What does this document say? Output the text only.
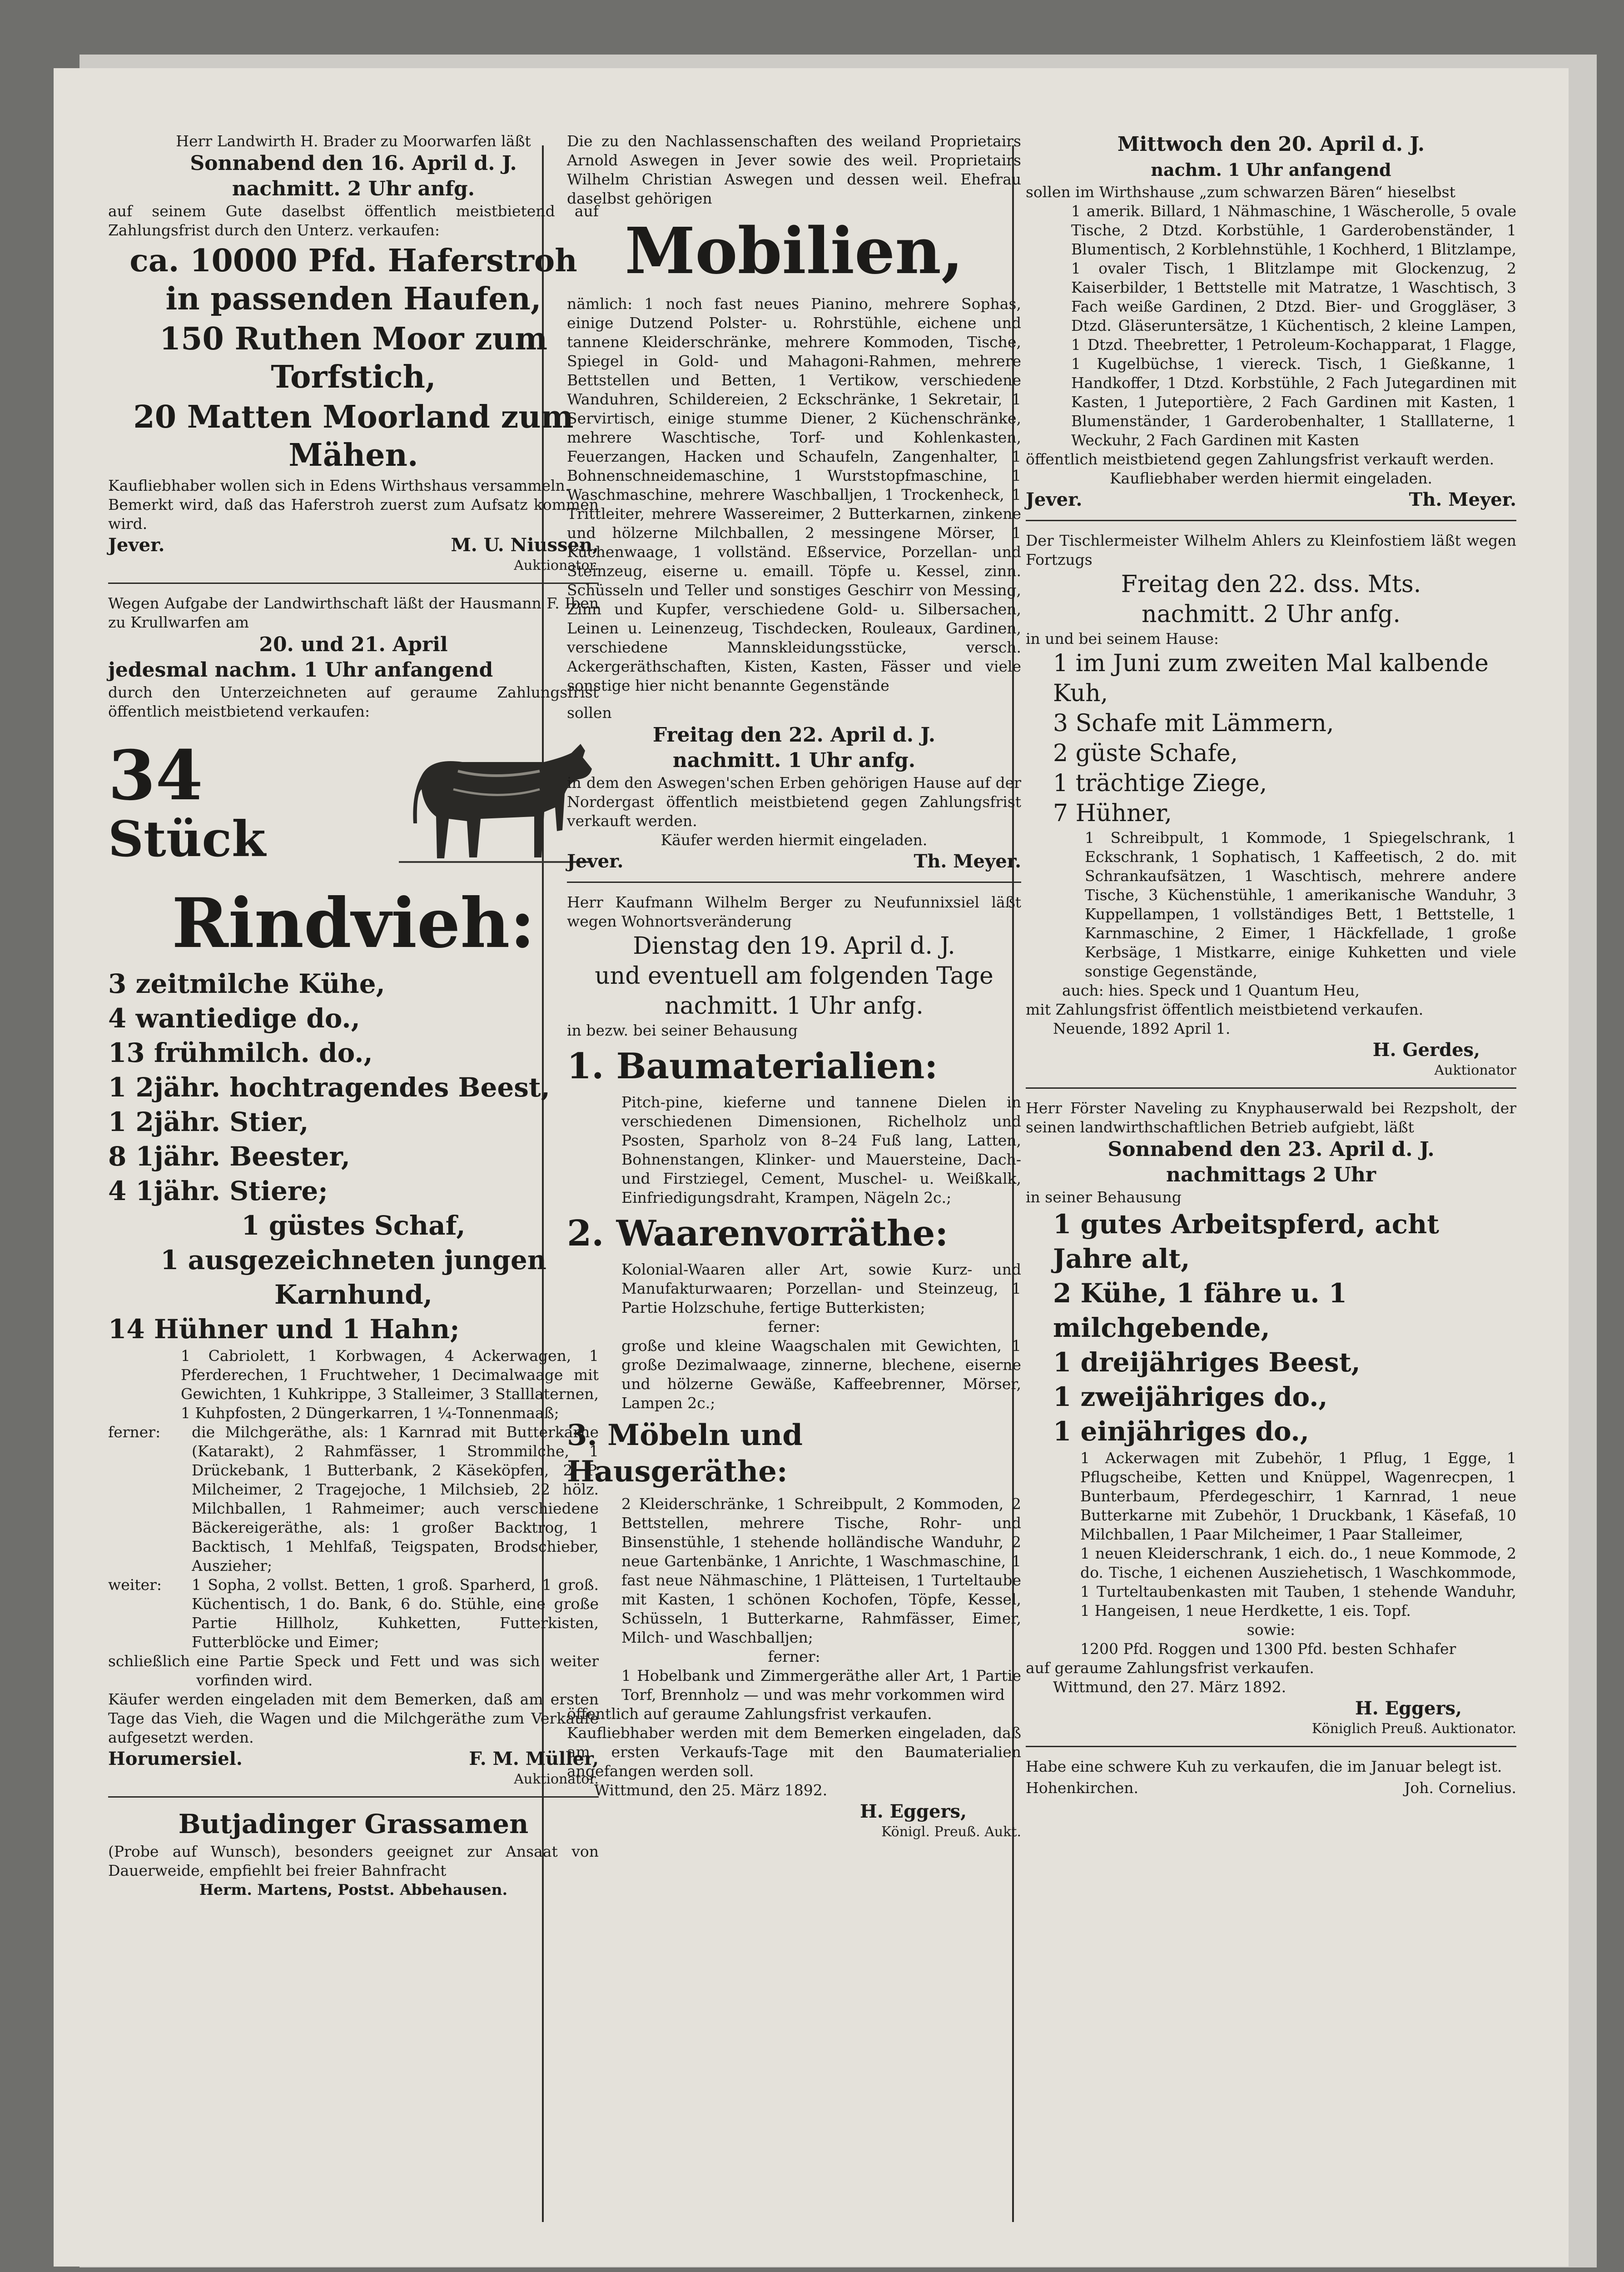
Herr Landwirth H. Brader zu Moorwarfen läßt

Sonnabend den 16. April d. J.

nachmitt. 2 Uhr anfg.

auf seinem Gute daselbst öffentlich meistbietend auf Zahlungsfrist durch den Unterz. verkaufen:

ca. 10000 Pfd. Haferstroh in passenden Haufen,

150 Ruthen Moor zum Torfstich,

20 Matten Moorland zum Mähen.

Kaufliebhaber wollen sich in Edens Wirthshaus versammeln.

Bemerkt wird, daß das Haferstroh zuerst zum Aufsatz kommen wird.

Jever.	M. U. Niussen,

Auktionator.

Wegen Aufgabe der Landwirthschaft läßt der Hausmann F. Iben zu Krullwarfen am

20. und 21. April

jedesmal nachm. 1 Uhr anfangend

durch den Unterzeichneten auf geraume Zahlungsfrist öffentlich meistbietend verkaufen:

34
Stück

Rindvieh:

3 zeitmilche Kühe,

4 wantiedige do.,

13 frühmilch. do.,

1 2jähr. hochtragendes Beest,

1 2jähr. Stier,

8 1jähr. Beester,

4 1jähr. Stiere;

1 güstes Schaf,

1 ausgezeichneten jungen Karnhund,

14 Hühner und 1 Hahn;

1 Cabriolett, 1 Korbwagen, 4 Ackerwagen, 1 Pferderechen, 1 Fruchtweher, 1 Decimalwaage mit Gewichten, 1 Kuhkrippe, 3 Stalleimer, 3 Stalllaternen, 1 Kuhpfosten, 2 Düngerkarren, 1 ¼-Tonnenmaaß;

ferner:	die Milchgeräthe, als: 1 Karnrad mit Butterkarne (Katarakt), 2 Rahmfässer, 1 Strommilche, 1 Drückebank, 1 Butterbank, 2 Käseköpfen, 2 P. Milcheimer, 2 Tragejoche, 1 Milchsieb, 22 hölz. Milchballen, 1 Rahmeimer; auch verschiedene Bäckereigeräthe, als: 1 großer Backtrog, 1 Backtisch, 1 Mehlfaß, Teigspaten, Brodschieber, Auszieher;
weiter:	1 Sopha, 2 vollst. Betten, 1 groß. Sparherd, 1 groß. Küchentisch, 1 do. Bank, 6 do. Stühle, eine große Partie Hillholz, Kuhketten, Futterkisten, Futterblöcke und Eimer;
schließlich eine Partie Speck und Fett und was sich weiter vorfinden wird.

Käufer werden eingeladen mit dem Bemerken, daß am ersten Tage das Vieh, die Wagen und die Milchgeräthe zum Verkaufe aufgesetzt werden.

Horumersiel.	F. M. Müller,

Auktionator.

Butjadinger Grassamen

(Probe auf Wunsch), besonders geeignet zur Ansaat von Dauerweide, empfiehlt bei freier Bahnfracht

Herm. Martens, Postst. Abbehausen.

Die zu den Nachlassenschaften des weiland Proprietairs Arnold Aswegen in Jever sowie des weil. Proprietairs Wilhelm Christian Aswegen und dessen weil. Ehefrau daselbst gehörigen

Mobilien,

nämlich: 1 noch fast neues Pianino, mehrere Sophas, einige Dutzend Polster- u. Rohrstühle, eichene und tannene Kleiderschränke, mehrere Kommoden, Tische, Spiegel in Gold- und Mahagoni-Rahmen, mehrere Bettstellen und Betten, 1 Vertikow, verschiedene Wanduhren, Schildereien, 2 Eckschränke, 1 Sekretair, 1 Servirtisch, einige stumme Diener, 2 Küchenschränke, mehrere Waschtische, Torf- und Kohlenkasten, Feuerzangen, Hacken und Schaufeln, Zangenhalter, 1 Bohnenschneidemaschine, 1 Wurststopfmaschine, 1 Waschmaschine, mehrere Waschballjen, 1 Trockenheck, 1 Trittleiter, mehrere Wassereimer, 2 Butterkarnen, zinkene und hölzerne Milchballen, 2 messingene Mörser, 1 Küchenwaage, 1 vollständ. Eßservice, Porzellan- und Steinzeug, eiserne u. emaill. Töpfe u. Kessel, zinn. Schüsseln und Teller und sonstiges Geschirr von Messing, Zinn und Kupfer, verschiedene Gold- u. Silbersachen, Leinen u. Leinenzeug, Tischdecken, Rouleaux, Gardinen, verschiedene Mannskleidungsstücke, versch. Ackergeräthschaften, Kisten, Kasten, Fässer und viele sonstige hier nicht benannte Gegenstände

sollen

Freitag den 22. April d. J.

nachmitt. 1 Uhr anfg.

in dem den Aswegen'schen Erben gehörigen Hause auf der Nordergast öffentlich meistbietend gegen Zahlungsfrist verkauft werden.

Käufer werden hiermit eingeladen.

Jever.	Th. Meyer.

Herr Kaufmann Wilhelm Berger zu Neufunnixsiel läßt wegen Wohnortsveränderung

Dienstag den 19. April d. J.

und eventuell am folgenden Tage

nachmitt. 1 Uhr anfg.

in bezw. bei seiner Behausung

1. Baumaterialien:

Pitch-pine, kieferne und tannene Dielen in verschiedenen Dimensionen, Richelholz und Psosten, Sparholz von 8–24 Fuß lang, Latten, Bohnenstangen, Klinker- und Mauersteine, Dach- und Firstziegel, Cement, Muschel- u. Weißkalk, Einfriedigungsdraht, Krampen, Nägeln 2c.;

2. Waarenvorräthe:

Kolonial-Waaren aller Art, sowie Kurz- und Manufakturwaaren; Porzellan- und Steinzeug, 1 Partie Holzschuhe, fertige Butterkisten;

ferner:

große und kleine Waagschalen mit Gewichten, 1 große Dezimalwaage, zinnerne, blechene, eiserne und hölzerne Gewäße, Kaffeebrenner, Mörser, Lampen 2c.;

3. Möbeln und Hausgeräthe:

2 Kleiderschränke, 1 Schreibpult, 2 Kommoden, 2 Bettstellen, mehrere Tische, Rohr- und Binsenstühle, 1 stehende holländische Wanduhr, 2 neue Gartenbänke, 1 Anrichte, 1 Waschmaschine, 1 fast neue Nähmaschine, 1 Plätteisen, 1 Turteltaube mit Kasten, 1 schönen Kochofen, Töpfe, Kessel, Schüsseln, 1 Butterkarne, Rahmfässer, Eimer, Milch- und Waschballjen;

ferner:

1 Hobelbank und Zimmergeräthe aller Art, 1 Partie Torf, Brennholz — und was mehr vorkommen wird

öffentlich auf geraume Zahlungsfrist verkaufen.

Kaufliebhaber werden mit dem Bemerken eingeladen, daß am ersten Verkaufs-Tage mit den Baumaterialien angefangen werden soll.

Wittmund, den 25. März 1892.

H. Eggers,

Königl. Preuß. Aukt.

Mittwoch den 20. April d. J.

nachm. 1 Uhr anfangend

sollen im Wirthshause „zum schwarzen Bären“ hieselbst

1 amerik. Billard, 1 Nähmaschine, 1 Wäscherolle, 5 ovale Tische, 2 Dtzd. Korbstühle, 1 Garderobenständer, 1 Blumentisch, 2 Korblehnstühle, 1 Kochherd, 1 Blitzlampe, 1 ovaler Tisch, 1 Blitzlampe mit Glockenzug, 2 Kaiserbilder, 1 Bettstelle mit Matratze, 1 Waschtisch, 3 Fach weiße Gardinen, 2 Dtzd. Bier- und Groggläser, 3 Dtzd. Gläseruntersätze, 1 Küchentisch, 2 kleine Lampen, 1 Dtzd. Theebretter, 1 Petroleum-Kochapparat, 1 Flagge, 1 Kugelbüchse, 1 viereck. Tisch, 1 Gießkanne, 1 Handkoffer, 1 Dtzd. Korbstühle, 2 Fach Jutegardinen mit Kasten, 1 Juteportière, 2 Fach Gardinen mit Kasten, 1 Blumenständer, 1 Garderobenhalter, 1 Stalllaterne, 1 Weckuhr, 2 Fach Gardinen mit Kasten

öffentlich meistbietend gegen Zahlungsfrist verkauft werden.

Kaufliebhaber werden hiermit eingeladen.

Jever.	Th. Meyer.

Der Tischlermeister Wilhelm Ahlers zu Kleinfostiem läßt wegen Fortzugs

Freitag den 22. dss. Mts.

nachmitt. 2 Uhr anfg.

in und bei seinem Hause:

1 im Juni zum zweiten Mal kalbende Kuh,

3 Schafe mit Lämmern,

2 güste Schafe,

1 trächtige Ziege,

7 Hühner,

1 Schreibpult, 1 Kommode, 1 Spiegelschrank, 1 Eckschrank, 1 Sophatisch, 1 Kaffeetisch, 2 do. mit Schrankaufsätzen, 1 Waschtisch, mehrere andere Tische, 3 Küchenstühle, 1 amerikanische Wanduhr, 3 Kuppellampen, 1 vollständiges Bett, 1 Bettstelle, 1 Karnmaschine, 2 Eimer, 1 Häckfellade, 1 große Kerbsäge, 1 Mistkarre, einige Kuhketten und viele sonstige Gegenstände,

auch: hies. Speck und 1 Quantum Heu,

mit Zahlungsfrist öffentlich meistbietend verkaufen.

Neuende, 1892 April 1.

H. Gerdes,

Auktionator

Herr Förster Naveling zu Knyphauserwald bei Rezpsholt, der seinen landwirthschaftlichen Betrieb aufgiebt, läßt

Sonnabend den 23. April d. J.

nachmittags 2 Uhr

in seiner Behausung

1 gutes Arbeitspferd, acht Jahre alt,

2 Kühe, 1 fähre u. 1 milchgebende,

1 dreijähriges Beest,

1 zweijähriges do.,

1 einjähriges do.,

1 Ackerwagen mit Zubehör, 1 Pflug, 1 Egge, 1 Pflugscheibe, Ketten und Knüppel, Wagenrecpen, 1 Bunterbaum, Pferdegeschirr, 1 Karnrad, 1 neue Butterkarne mit Zubehör, 1 Druckbank, 1 Käsefaß, 10 Milchballen, 1 Paar Milcheimer, 1 Paar Stalleimer,

1 neuen Kleiderschrank, 1 eich. do., 1 neue Kommode, 2 do. Tische, 1 eichenen Ausziehetisch, 1 Waschkommode, 1 Turteltaubenkasten mit Tauben, 1 stehende Wanduhr, 1 Hangeisen, 1 neue Herdkette, 1 eis. Topf.

sowie:

1200 Pfd. Roggen und 1300 Pfd. besten Schhafer

auf geraume Zahlungsfrist verkaufen.

Wittmund, den 27. März 1892.

H. Eggers,

Königlich Preuß. Auktionator.

Habe eine schwere Kuh zu verkaufen, die im Januar belegt ist.

Hohenkirchen.	Joh. Cornelius.
